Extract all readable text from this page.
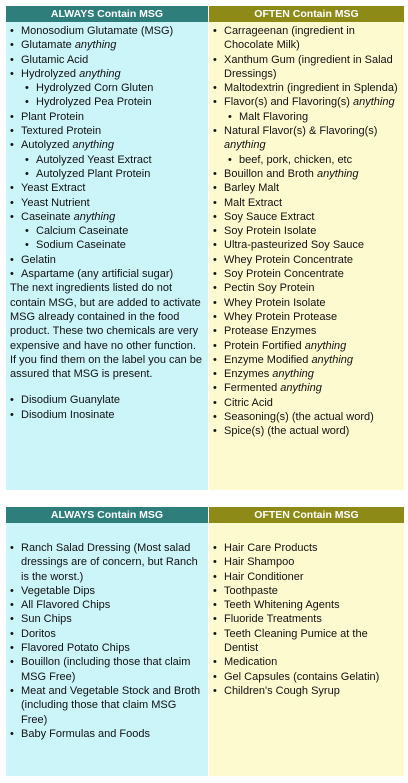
ALWAYS Contain MSG
• Monosodium Glutamate (MSG)
• Glutamate anything
• Glutamic Acid
• Hydrolyzed anything
• Hydrolyzed Corn Gluten
• Hydrolyzed Pea Protein
• Plant Protein
• Textured Protein
• Autolyzed anything
• Autolyzed Yeast Extract
• Autolyzed Plant Protein
• Yeast Extract
• Yeast Nutrient
• Caseinate anything
• Calcium Caseinate
• Sodium Caseinate
• Gelatin
• Aspartame (any artificial sugar)
The next ingredients listed do not contain MSG, but are added to activate MSG already contained in the food product. These two chemicals are very expensive and have no other function. If you find them on the label you can be assured that MSG is present.
• Disodium Guanylate
• Disodium Inosinate
OFTEN Contain MSG
• Carrageenan (ingredient in Chocolate Milk)
• Xanthum Gum (ingredient in Salad Dressings)
• Maltodextrin (ingredient in Splenda)
• Flavor(s) and Flavoring(s) anything
• Malt Flavoring
• Natural Flavor(s) & Flavoring(s) anything
• beef, pork, chicken, etc
• Bouillon and Broth anything
• Barley Malt
• Malt Extract
• Soy Sauce Extract
• Soy Protein Isolate
• Ultra-pasteurized Soy Sauce
• Whey Protein Concentrate
• Soy Protein Concentrate
• Pectin Soy Protein
• Whey Protein Isolate
• Whey Protein Protease
• Protease Enzymes
• Protein Fortified anything
• Enzyme Modified anything
• Enzymes anything
• Fermented anything
• Citric Acid
• Seasoning(s) (the actual word)
• Spice(s) (the actual word)
ALWAYS Contain MSG
• Ranch Salad Dressing (Most salad dressings are of concern, but Ranch is the worst.)
• Vegetable Dips
• All Flavored Chips
• Sun Chips
• Doritos
• Flavored Potato Chips
• Bouillon (including those that claim MSG Free)
• Meat and Vegetable Stock and Broth (including those that claim MSG Free)
• Baby Formulas and Foods
OFTEN Contain MSG
• Hair Care Products
• Hair Shampoo
• Hair Conditioner
• Toothpaste
• Teeth Whitening Agents
• Fluoride Treatments
• Teeth Cleaning Pumice at the Dentist
• Medication
• Gel Capsules (contains Gelatin)
• Children's Cough Syrup
